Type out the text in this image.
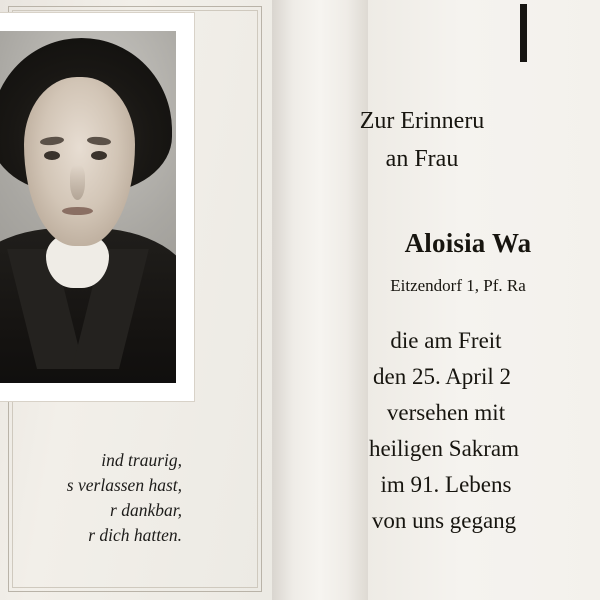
ind traurig,
s verlassen hast,
r dankbar,
r dich hatten.
Zur Erinneru
an Frau
Aloisia Wa
Eitzendorf 1, Pf. Ra
die am Freit
den 25. April 2
versehen mit
heiligen Sakram
im 91. Lebens
von uns gegang
